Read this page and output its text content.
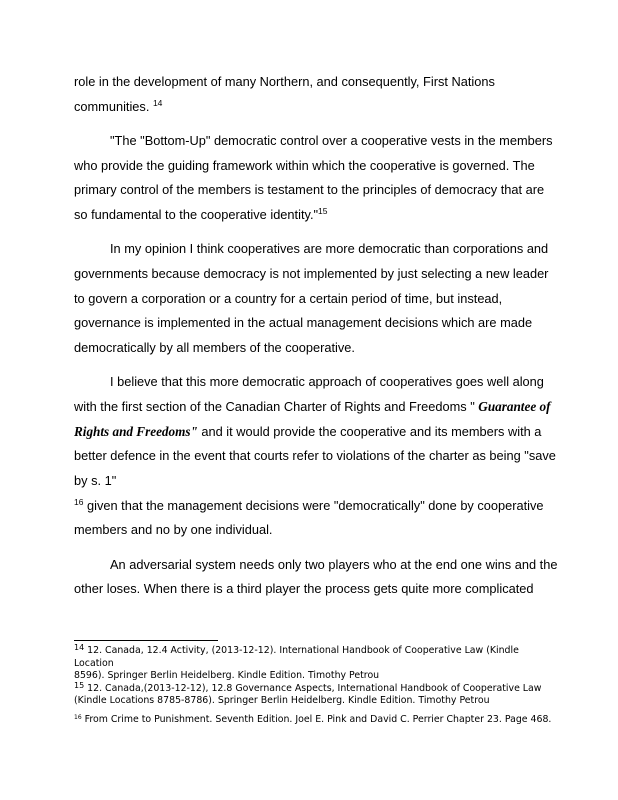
role in the development of many Northern, and consequently, First Nations communities. $^{14}$

"The "Bottom-Up" democratic control over a cooperative vests in the members who provide the guiding framework within which the cooperative is governed. The primary control of the members is testament to the principles of democracy that are so fundamental to the cooperative identity."$^{15}$

In my opinion I think cooperatives are more democratic than corporations and governments because democracy is not implemented by just selecting a new leader to govern a corporation or a country for a certain period of time, but instead, governance is implemented in the actual management decisions which are made democratically by all members of the cooperative.

I believe that this more democratic approach of cooperatives goes well along with the first section of the Canadian Charter of Rights and Freedoms " Guarantee of Rights and Freedoms" and it would provide the cooperative and its members with a better defence in the event that courts refer to violations of the charter as being "save by s. 1"
$^{16}$ given that the management decisions were "democratically" done by cooperative members and no by one individual.

An adversarial system needs only two players who at the end one wins and the other loses. When there is a third player the process gets quite more complicated

$^{14}$ 12. Canada, 12.4 Activity, (2013-12-12). International Handbook of Cooperative Law (Kindle Location
8596). Springer Berlin Heidelberg. Kindle Edition. Timothy Petrou

$^{15}$ 12. Canada,(2013-12-12), 12.8 Governance Aspects, International Handbook of Cooperative Law
(Kindle Locations 8785-8786). Springer Berlin Heidelberg. Kindle Edition. Timothy Petrou

$^{16}$ From Crime to Punishment. Seventh Edition. Joel E. Pink and David C. Perrier Chapter 23. Page 468.
